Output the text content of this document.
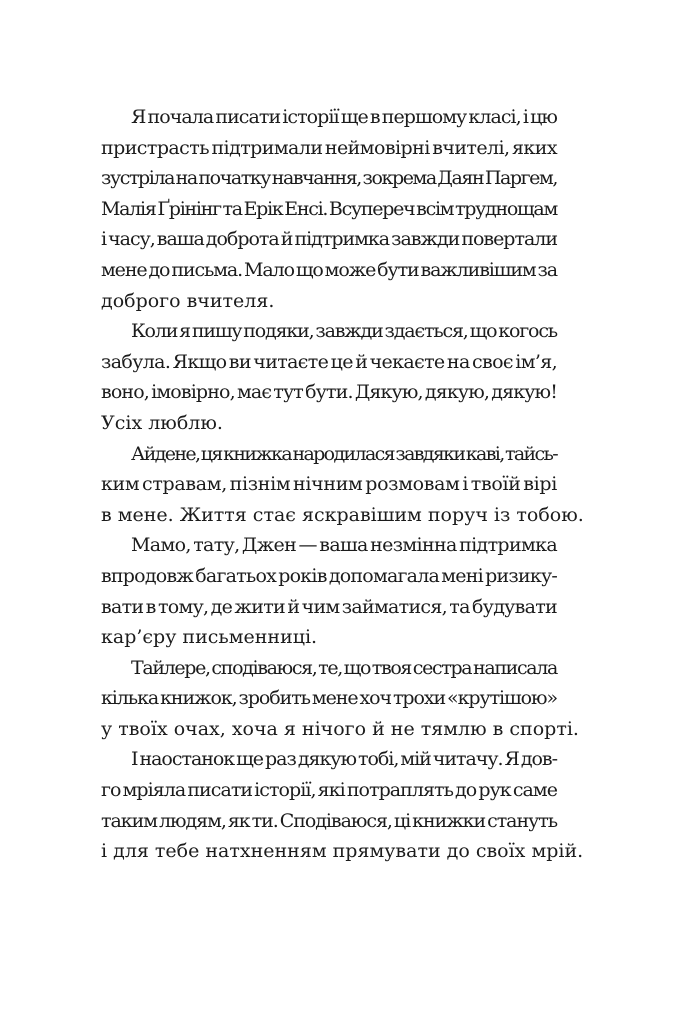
Я почала писати історії ще в першому класі, і цю
пристрасть підтримали неймовірні вчителі, яких
зустріла на початку навчання, зокрема Даян Паргем,
Малія Ґрінінг та Ерік Енсі. Всупереч всім труднощам
і часу, ваша доброта й підтримка завжди повертали
мене до письма. Мало що може бути важливішим за
доброго вчителя.

Коли я пишу подяки, завжди здається, що когось
забула. Якщо ви читаєте це й чекаєте на своє ім’я,
воно, імовірно, має тут бути. Дякую, дякую, дякую!
Усіх люблю.

Айдене, ця книжка народилася завдяки каві, тайсь-
ким стравам, пізнім нічним розмовам і твоїй вірі
в мене. Життя стає яскравішим поруч із тобою.

Мамо, тату, Джен — ваша незмінна підтримка
впродовж багатьох років допомагала мені ризику-
вати в тому, де жити й чим займатися, та будувати
кар’єру письменниці.

Тайлере, сподіваюся, те, що твоя сестра написала
кілька книжок, зробить мене хоч трохи «крутішою»
у твоїх очах, хоча я нічого й не тямлю в спорті.

І наостанок ще раз дякую тобі, мій читачу. Я дов-
го мріяла писати історії, які потраплять до рук саме
таким людям, як ти. Сподіваюся, ці книжки стануть
і для тебе натхненням прямувати до своїх мрій.
